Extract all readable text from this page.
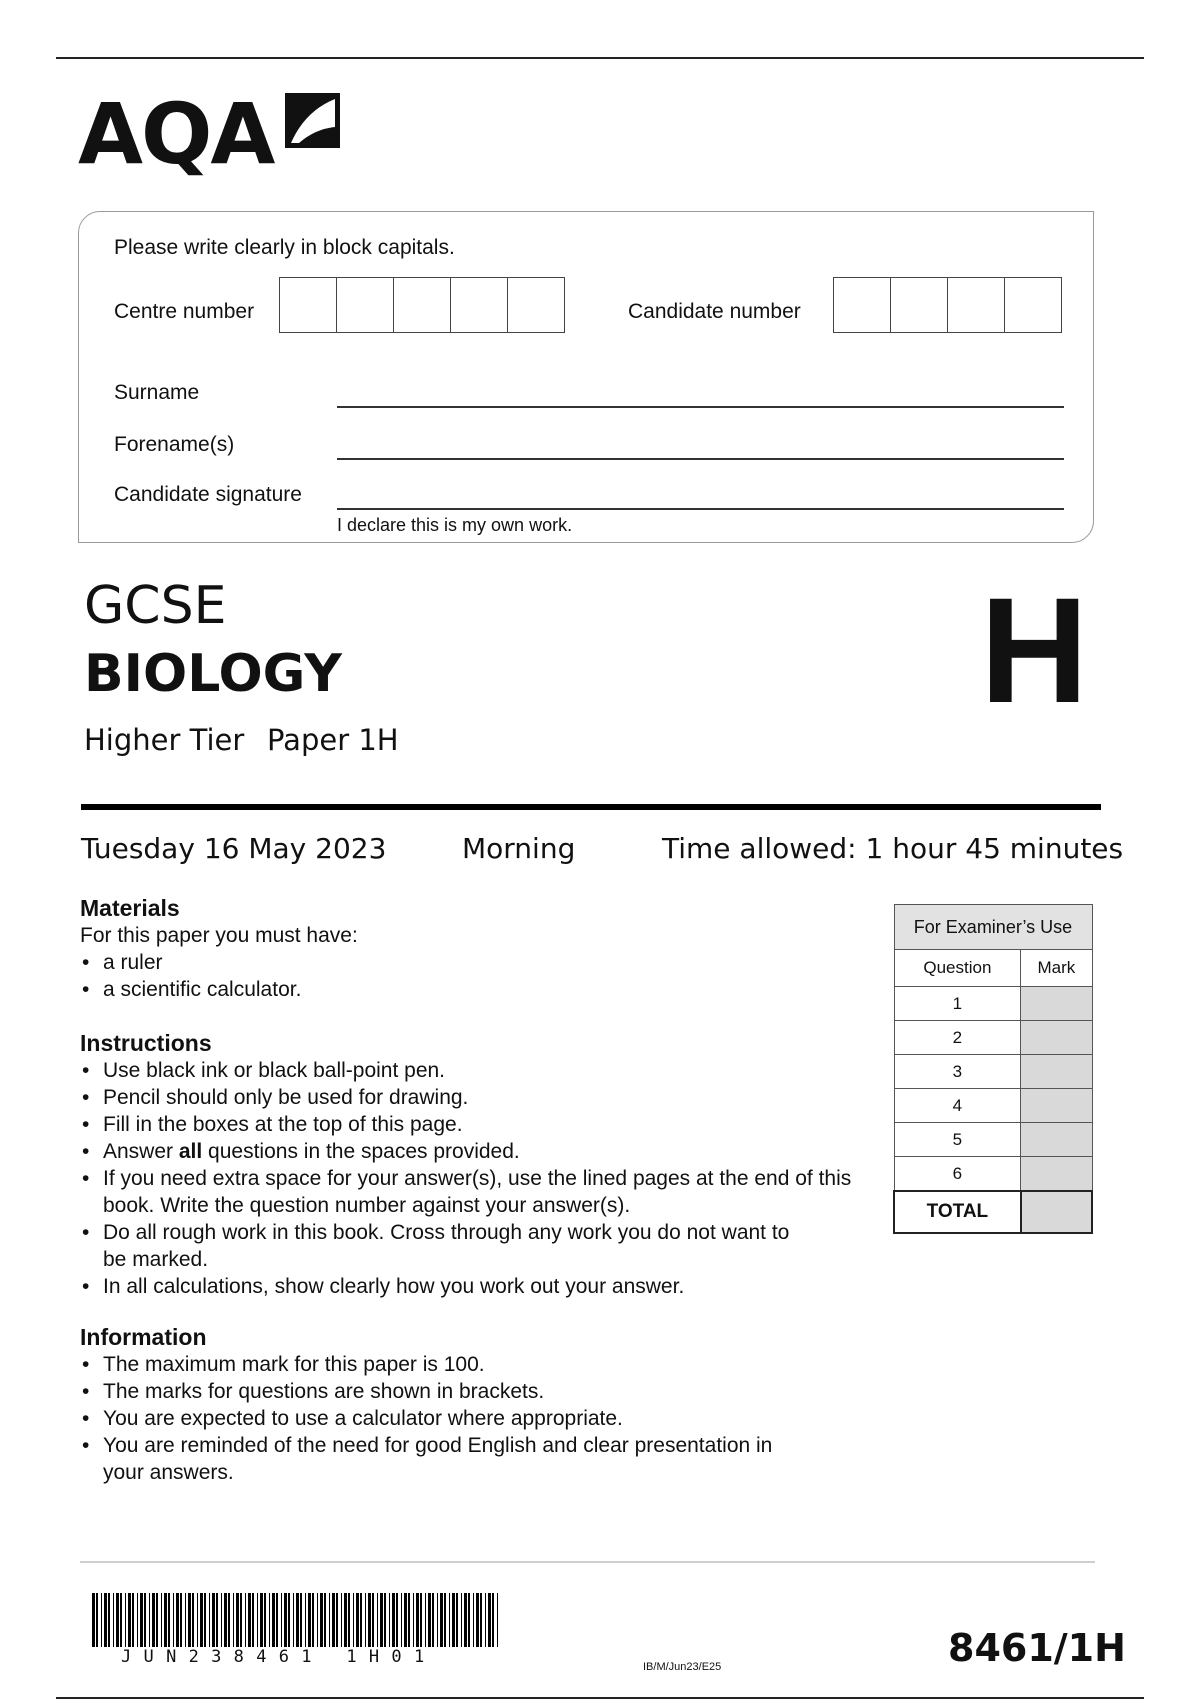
AQA
Please write clearly in block capitals.
Centre number	Candidate number
Surname
Forename(s)
Candidate signature
I declare this is my own work.
GCSE
BIOLOGY
Higher Tier Paper 1H
H
Tuesday 16 May 2023	Morning	Time allowed: 1 hour 45 minutes
Materials
For this paper you must have:
• a ruler
• a scientific calculator.
Instructions
• Use black ink or black ball-point pen.
• Pencil should only be used for drawing.
• Fill in the boxes at the top of this page.
• Answer all questions in the spaces provided.
• If you need extra space for your answer(s), use the lined pages at the end of this book. Write the question number against your answer(s).
• Do all rough work in this book. Cross through any work you do not want to be marked.
• In all calculations, show clearly how you work out your answer.
Information
• The maximum mark for this paper is 100.
• The marks for questions are shown in brackets.
• You are expected to use a calculator where appropriate.
• You are reminded of the need for good English and clear presentation in your answers.
For Examiner’s Use	
Question	Mark
1	
2	
3	
4	
5	
6	
TOTAL	
JUN238461 1H01	IB/M/Jun23/E25	8461/1H
